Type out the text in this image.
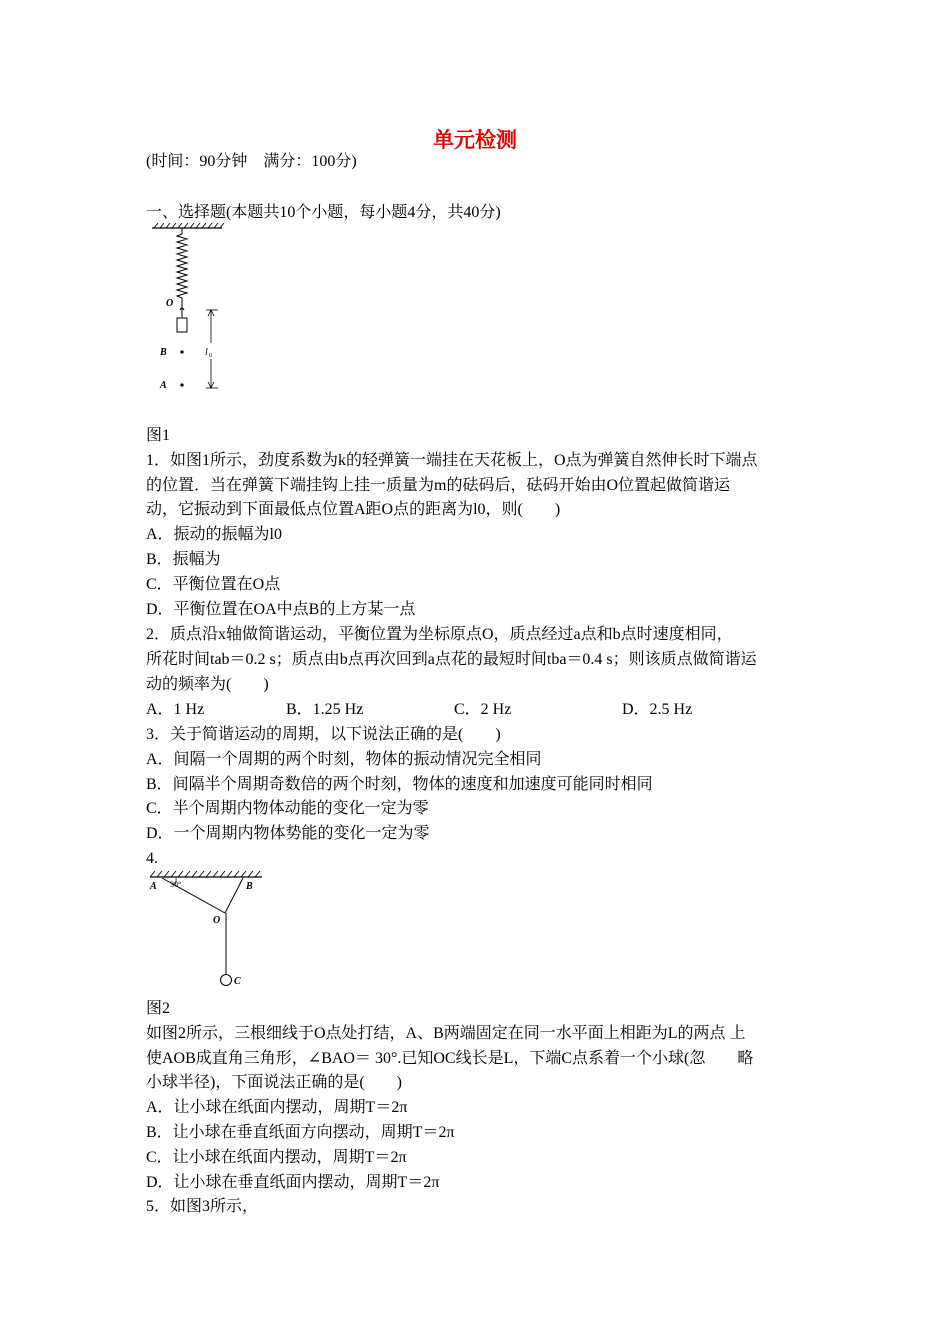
单元检测
(时间：90分钟　满分：100分)
一、选择题(本题共10个小题，每小题4分，共40分)
O
B
A
l 0
图1
1．如图1所示，劲度系数为k的轻弹簧一端挂在天花板上，O点为弹簧自然伸长时下端点
的位置．当在弹簧下端挂钩上挂一质量为m的砝码后，砝码开始由O位置起做简谐运
动，它振动到下面最低点位置A距O点的距离为l0，则(　　)
A．振动的振幅为l0
B．振幅为
C．平衡位置在O点
D．平衡位置在OA中点B的上方某一点
2．质点沿x轴做简谐运动，平衡位置为坐标原点O，质点经过a点和b点时速度相同，
所花时间tab＝0.2 s；质点由b点再次回到a点花的最短时间tba＝0.4 s；则该质点做简谐运
动的频率为(　　)
A．1 Hz	B．1.25 Hz	C．2 Hz	D．2.5 Hz
3．关于简谐运动的周期，以下说法正确的是(　　)
A．间隔一个周期的两个时刻，物体的振动情况完全相同
B．间隔半个周期奇数倍的两个时刻，物体的速度和加速度可能同时相同
C．半个周期内物体动能的变化一定为零
D．一个周期内物体势能的变化一定为零
4.
A	B
30°
O
C
图2
如图2所示，三根细线于O点处打结，A、B两端固定在同一水平面上相距为L的两点 上
使AOB成直角三角形，∠BAO＝ 30°.已知OC线长是L，下端C点系着一个小球(忽　　略
小球半径)，下面说法正确的是(　　)
A．让小球在纸面内摆动，周期T＝2π
B．让小球在垂直纸面方向摆动，周期T＝2π
C．让小球在纸面内摆动，周期T＝2π
D．让小球在垂直纸面内摆动，周期T＝2π
5．如图3所示，
